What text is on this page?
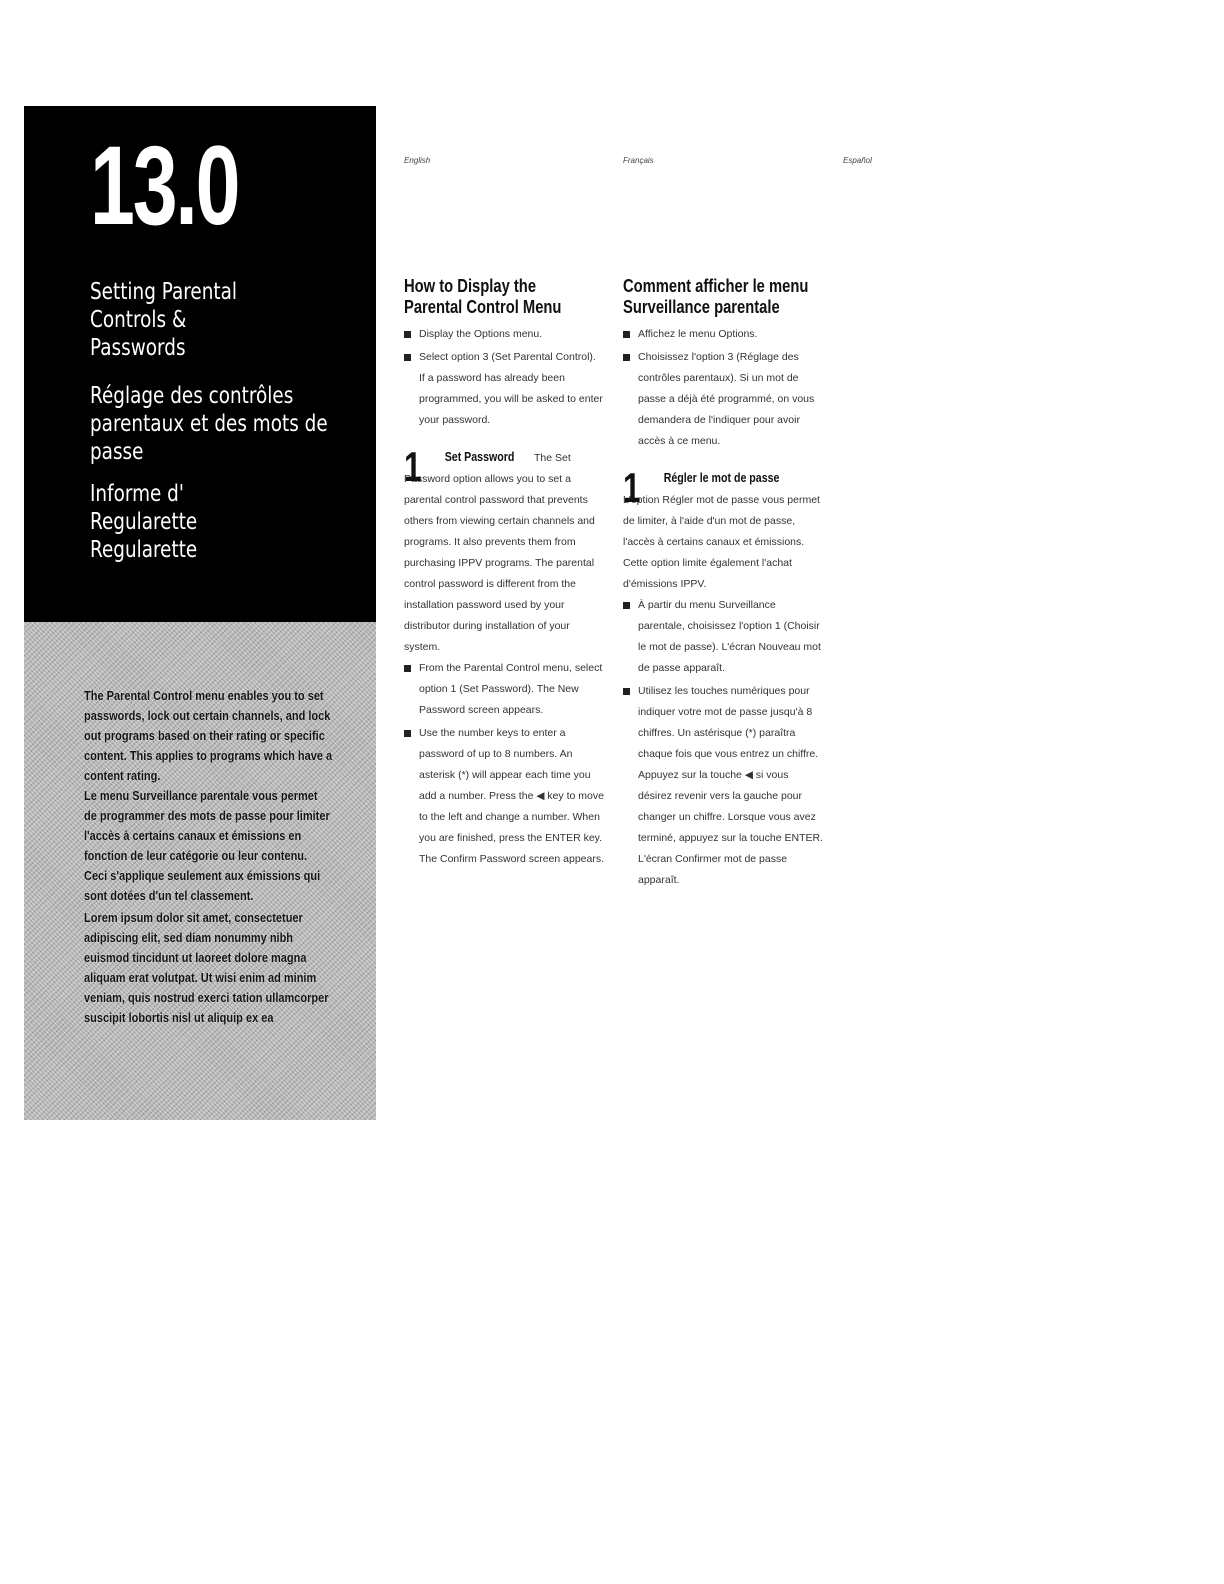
13.0
Setting Parental
Controls &
Passwords
Réglage des contrôles
parentaux et des mots de
passe
Informe d'
Regularette
Regularette
The Parental Control menu enables you to set passwords, lock out certain channels, and lock out programs based on their rating or specific content. This applies to programs which have a content rating.
Le menu Surveillance parentale vous permet de programmer des mots de passe pour limiter l'accès à certains canaux et émissions en fonction de leur catégorie ou leur contenu. Ceci s'applique seulement aux émissions qui sont dotées d'un tel classement.
Lorem ipsum dolor sit amet, consectetuer adipiscing elit, sed diam nonummy nibh euismod tincidunt ut laoreet dolore magna aliquam erat volutpat. Ut wisi enim ad minim veniam, quis nostrud exerci tation ullamcorper suscipit lobortis nisl ut aliquip ex ea
English	Français	Español
How to Display the
Parental Control Menu
Display the Options menu.
Select option 3 (Set Parental Control). If a password has already been programmed, you will be asked to enter your password.
1	Set Password The Set Password option allows you to set a parental control password that prevents others from viewing certain channels and programs. It also prevents them from purchasing IPPV programs. The parental control password is different from the installation password used by your distributor during installation of your system.
From the Parental Control menu, select option 1 (Set Password). The New Password screen appears.
Use the number keys to enter a password of up to 8 numbers. An asterisk (*) will appear each time you add a number. Press the ◀ key to move to the left and change a number. When you are finished, press the ENTER key. The Confirm Password screen appears.
Comment afficher le menu
Surveillance parentale
Affichez le menu Options.
Choisissez l'option 3 (Réglage des contrôles parentaux). Si un mot de passe a déjà été programmé, on vous demandera de l'indiquer pour avoir accès à ce menu.
1	Régler le mot de passeL'option Régler mot de passe vous permet de limiter, à l'aide d'un mot de passe, l'accès à certains canaux et émissions. Cette option limite également l'achat d'émissions IPPV.
À partir du menu Surveillance parentale, choisissez l'option 1 (Choisir le mot de passe). L'écran Nouveau mot de passe apparaît.
Utilisez les touches numériques pour indiquer votre mot de passe jusqu'à 8 chiffres. Un astérisque (*) paraîtra chaque fois que vous entrez un chiffre. Appuyez sur la touche ◀ si vous désirez revenir vers la gauche pour changer un chiffre. Lorsque vous avez terminé, appuyez sur la touche ENTER. L'écran Confirmer mot de passe apparaît.
